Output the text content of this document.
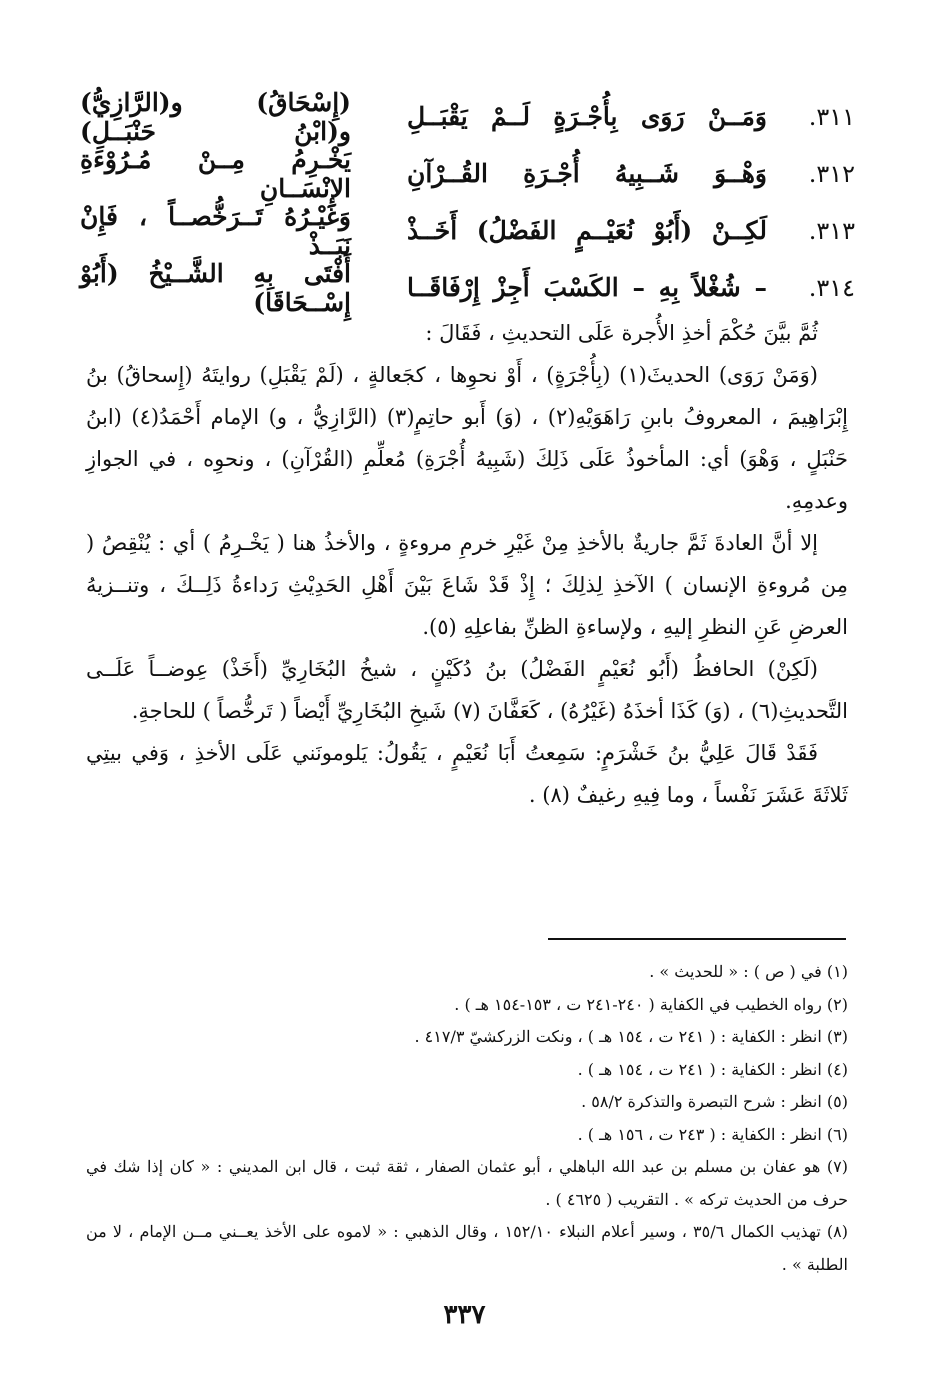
٣١١.
وَمَــنْ رَوَى بِأُجْـرَةٍ لَــمْ يَقْبَــلِ
(إِسْحَاقُ) و(الرَّازِيُّ) و(ابْنُ حَنْبَــلِ)
٣١٢.
وَهْــوَ شَــبِيهُ أُجْـرَةِ القُــرْآنِ
يَخْـرِمُ مِــنْ مُـرُوْءَةِ الإِنْسَــانِ
٣١٣.
لَكِــنْ (أَبُوْ نُعَيْــمٍ الفَضْلُ) أَخَــذْ
وَغَيْـرُهُ تَــرَخُّصــاً ، فَإِنْ نَبَــذْ
٣١٤.
– شُغْلاً بِهِ – الكَسْبَ أَجِزْ إِرْفَاقَــا
أَفْتَى بِهِ الشَّــيْخُ (أَبُوْ إِسْــحَاقَا)

ثُمَّ بيَّنَ حُكْمَ أخذِ الأُجرة عَلَى التحديثِ ، فَقَالَ :

(وَمَنْ رَوَى) الحديثَ(١) (بِأُجْرَةٍ) ، أَوْ نحوِها ، كجَعالةٍ ، (لَمْ يَقْبَلِ) روايتَهُ (إِسحاقُ) بنُ إِبْرَاهِيمَ ، المعروفُ بابنِ رَاهَوَيْهِ(٢) ، (وَ) أَبو حاتِمٍ(٣) (الرَّازِيُّ ، و) الإمام أَحْمَدُ(٤) (ابنُ حَنْبَلٍ ، وَهْوَ) أي: المأخوذُ عَلَى ذَلِكَ (شَبِيهُ أُجْرَةِ) مُعلِّمِ (القُرْآنِ) ، ونحوِه ، في الجوازِ وعدمِهِ.

إلا أنَّ العادةَ ثَمَّ جاريةٌ بالأخذِ مِنْ غَيْرِ خرمِ مروءةٍ ، والأخذُ هنا ( يَخْـرِمُ ) أي : يُنْقِصُ ( مِن مُروءةِ الإنسان ) الآخذِ لِذلِكَ ؛ إِذْ قَدْ شَاعَ بَيْنَ أَهْلِ الحَدِيْثِ رَداءةُ ذَلِــكَ ، وتنــزيهُ العرضِ عَنِ النظرِ إليهِ ، ولإساءةِ الظنِّ بفاعلِهِ (٥).

(لَكِنْ) الحافظُ (أَبُو نُعَيْمٍ الفَضْلُ) بنُ دُكَيْنٍ ، شيخُ البُخَارِيِّ (أَخَذْ) عِوضــاً عَلَــى التَّحديثِ(٦) ، (وَ) كَذَا أخذَهُ (غَيْرُهُ) ، كَعَفَّانَ (٧) شَيخِ البُخَارِيِّ أَيْضاً ( تَرخُّصاً ) للحاجةِ.

فَقَدْ قَالَ عَلِيُّ بنُ خَشْرَمٍ: سَمِعتُ أَبَا نُعَيْمٍ ، يَقُولُ: يَلومونَني عَلَى الأخذِ ، وَفي بيتِي ثَلاثَةَ عَشَرَ نَفْساً ، وما فِيهِ رغيفٌ (٨) .

(١) في ( ص ) : « للحديث » .

(٢) رواه الخطيب في الكفاية ( ٢٤٠-٢٤١ ت ، ١٥٣-١٥٤ هـ ) .

(٣) انظر : الكفاية : ( ٢٤١ ت ، ١٥٤ هـ ) ، ونكت الزركشيّ ٤١٧/٣ .

(٤) انظر : الكفاية : ( ٢٤١ ت ، ١٥٤ هـ ) .

(٥) انظر : شرح التبصرة والتذكرة ٥٨/٢ .

(٦) انظر : الكفاية : ( ٢٤٣ ت ، ١٥٦ هـ ) .

(٧) هو عفان بن مسلم بن عبد الله الباهلي ، أبو عثمان الصفار ، ثقة ثبت ، قال ابن المديني : « كان إذا شك في حرف من الحديث تركه » . التقريب ( ٤٦٢٥ ) .

(٨) تهذيب الكمال ٣٥/٦ ، وسير أعلام النبلاء ١٥٢/١٠ ، وقال الذهبي : « لاموه على الأخذ يعــني مــن الإمام ، لا من الطلبة » .

٣٣٧
